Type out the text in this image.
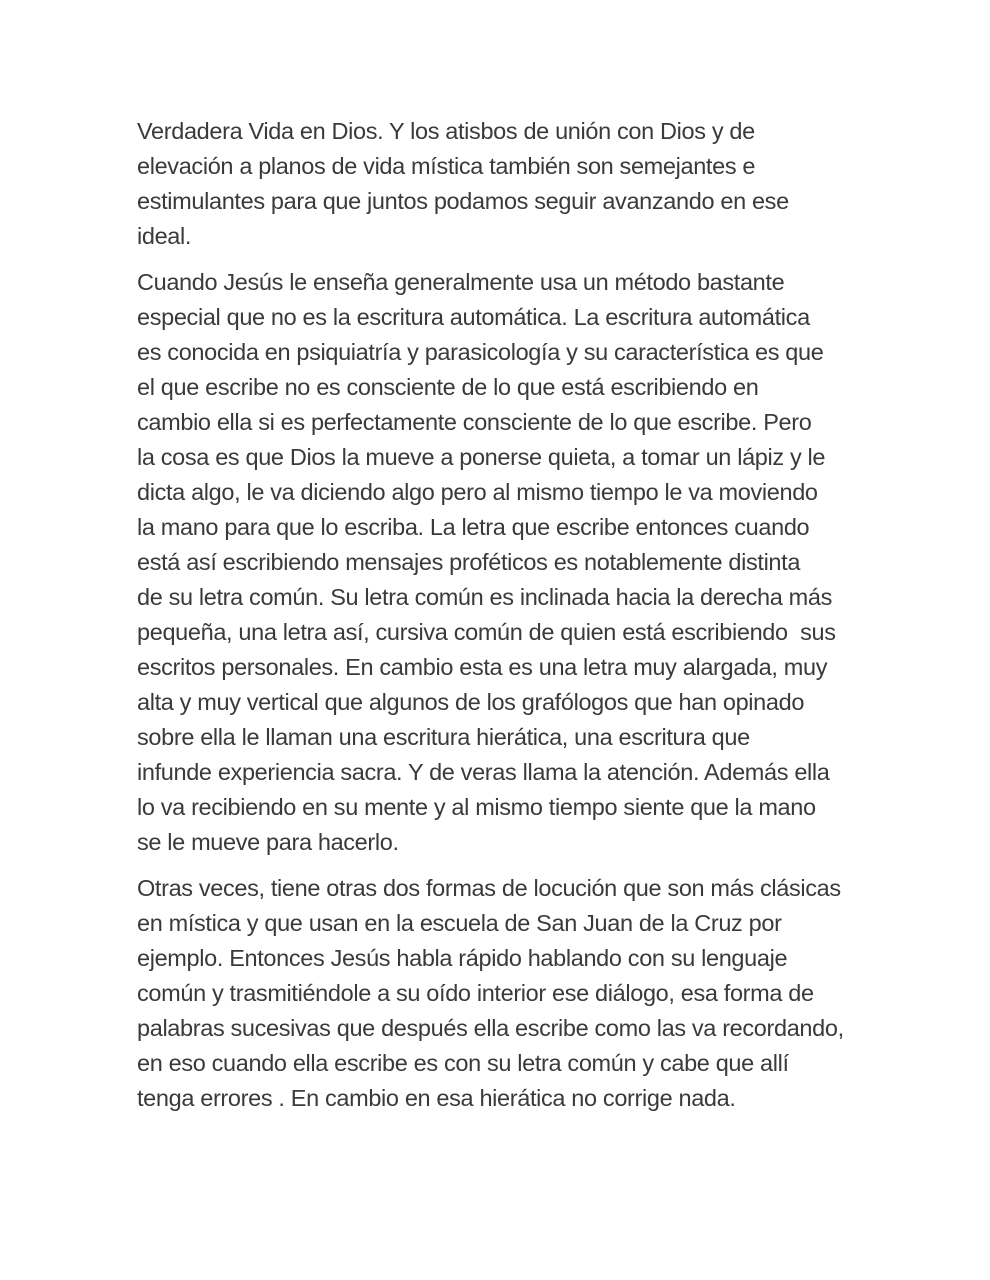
Verdadera Vida en Dios. Y los atisbos de unión con Dios y de
elevación a planos de vida mística también son semejantes e
estimulantes para que juntos podamos seguir avanzando en ese
ideal.
Cuando Jesús le enseña generalmente usa un método bastante
especial que no es la escritura automática. La escritura automática
es conocida en psiquiatría y parasicología y su característica es que
el que escribe no es consciente de lo que está escribiendo en
cambio ella si es perfectamente consciente de lo que escribe. Pero
la cosa es que Dios la mueve a ponerse quieta, a tomar un lápiz y le
dicta algo, le va diciendo algo pero al mismo tiempo le va moviendo
la mano para que lo escriba. La letra que escribe entonces cuando
está así escribiendo mensajes proféticos es notablemente distinta
de su letra común. Su letra común es inclinada hacia la derecha más
pequeña, una letra así, cursiva común de quien está escribiendo  sus
escritos personales. En cambio esta es una letra muy alargada, muy
alta y muy vertical que algunos de los grafólogos que han opinado
sobre ella le llaman una escritura hierática, una escritura que
infunde experiencia sacra. Y de veras llama la atención. Además ella
lo va recibiendo en su mente y al mismo tiempo siente que la mano
se le mueve para hacerlo.
Otras veces, tiene otras dos formas de locución que son más clásicas
en mística y que usan en la escuela de San Juan de la Cruz por
ejemplo. Entonces Jesús habla rápido hablando con su lenguaje
común y trasmitiéndole a su oído interior ese diálogo, esa forma de
palabras sucesivas que después ella escribe como las va recordando,
en eso cuando ella escribe es con su letra común y cabe que allí
tenga errores . En cambio en esa hierática no corrige nada.
